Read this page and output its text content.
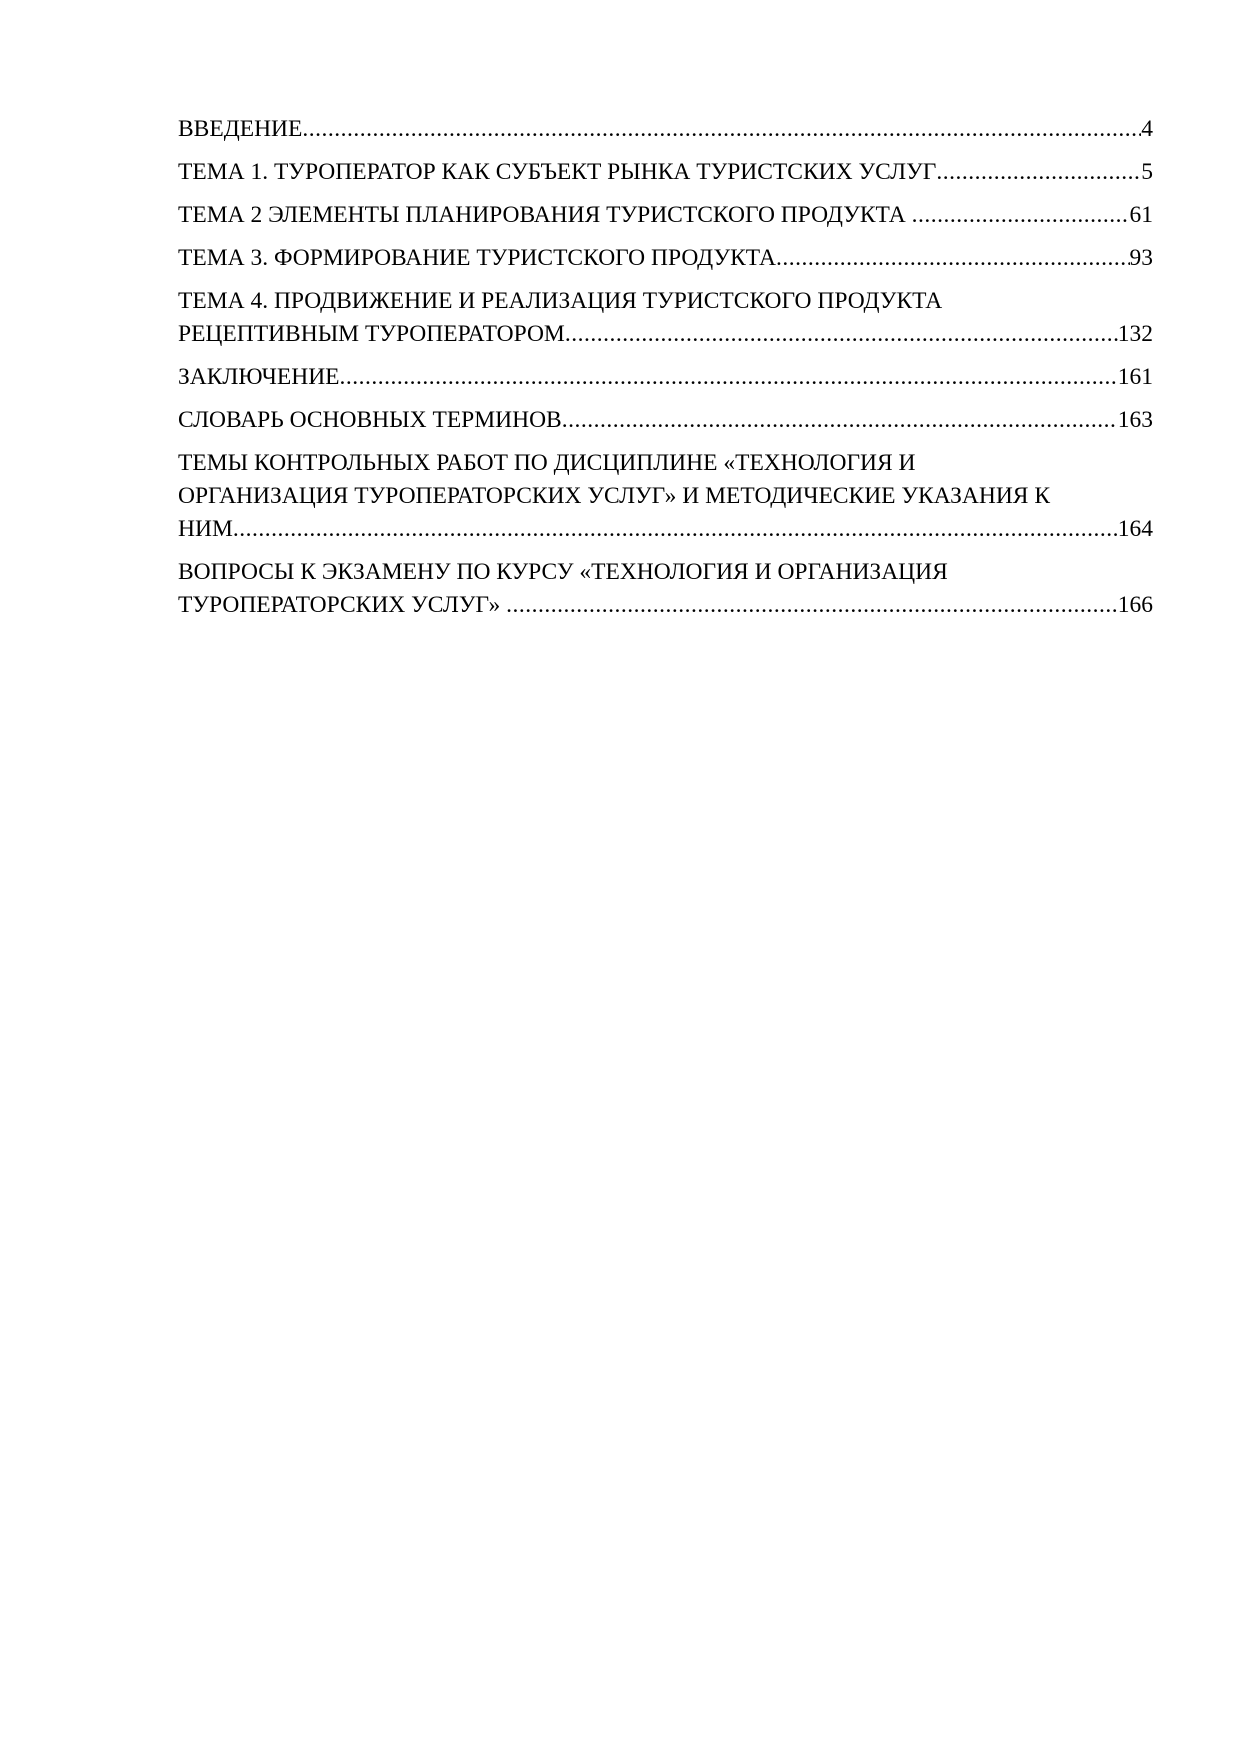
ВВЕДЕНИЕ .....	4
ТЕМА 1. ТУРОПЕРАТОР КАК СУБЪЕКТ РЫНКА ТУРИСТСКИХ УСЛУГ .....	5
ТЕМА 2 ЭЛЕМЕНТЫ ПЛАНИРОВАНИЯ ТУРИСТСКОГО ПРОДУКТА .....	61
ТЕМА 3. ФОРМИРОВАНИЕ ТУРИСТСКОГО ПРОДУКТА .....	93
ТЕМА 4. ПРОДВИЖЕНИЕ И РЕАЛИЗАЦИЯ ТУРИСТСКОГО ПРОДУКТА
РЕЦЕПТИВНЫМ ТУРОПЕРАТОРОМ .....	132
ЗАКЛЮЧЕНИЕ .....	161
СЛОВАРЬ ОСНОВНЫХ ТЕРМИНОВ .....	163
ТЕМЫ КОНТРОЛЬНЫХ РАБОТ ПО ДИСЦИПЛИНЕ «ТЕХНОЛОГИЯ И
ОРГАНИЗАЦИЯ ТУРОПЕРАТОРСКИХ УСЛУГ» И МЕТОДИЧЕСКИЕ УКАЗАНИЯ К
НИМ .....	164
ВОПРОСЫ К ЭКЗАМЕНУ ПО КУРСУ «ТЕХНОЛОГИЯ И ОРГАНИЗАЦИЯ
ТУРОПЕРАТОРСКИХ УСЛУГ» .....	166
